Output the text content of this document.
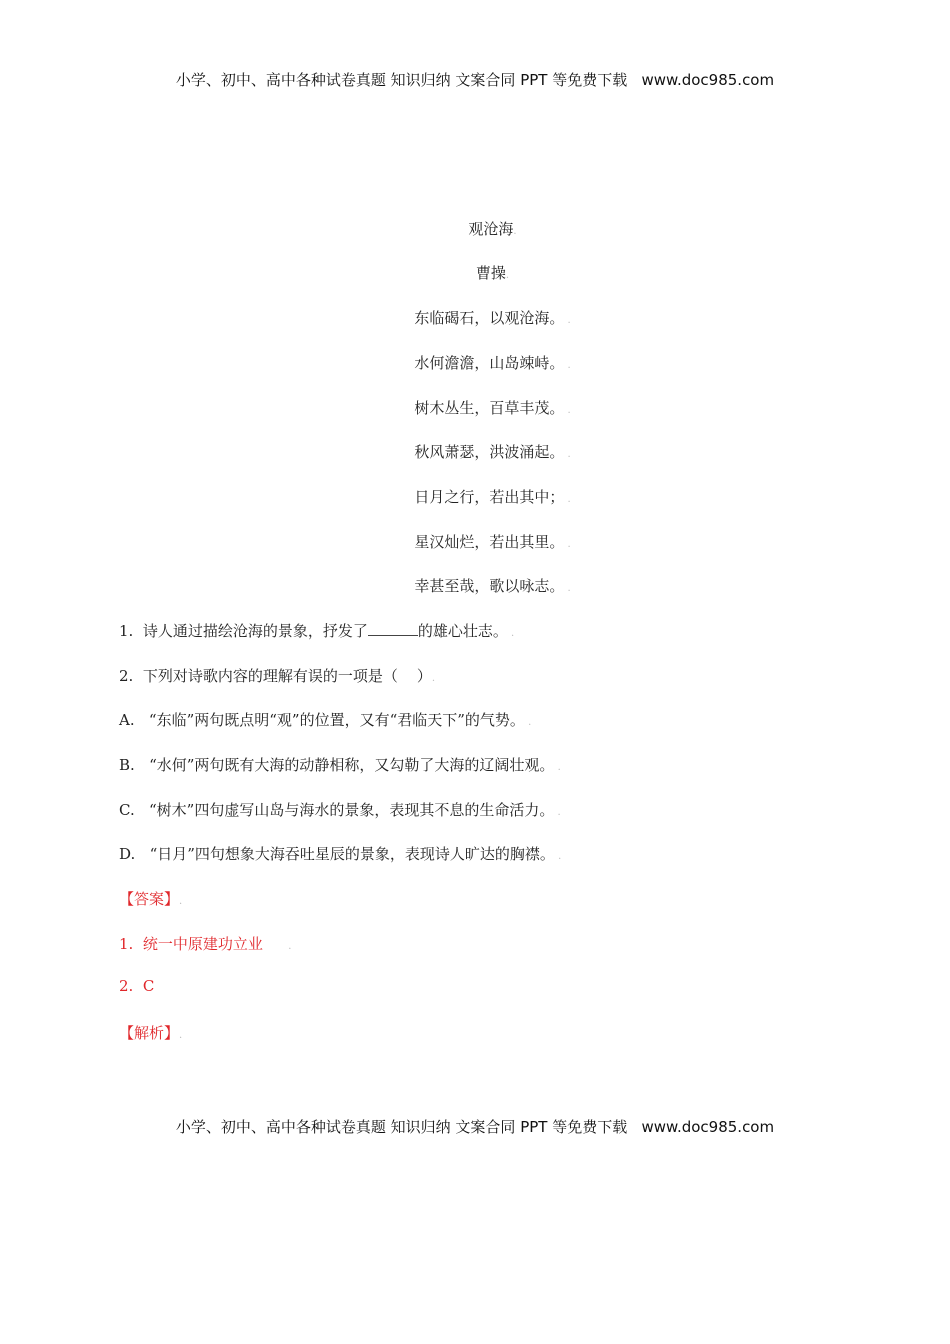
小学、初中、高中各种试卷真题 知识归纳 文案合同 PPT 等免费下载   www.doc985.com
观沧海.
曹操.
东临碣石，以观沧海。 .
水何澹澹，山岛竦峙。 .
树木丛生，百草丰茂。 .
秋风萧瑟，洪波涌起。 .
日月之行，若出其中； .
星汉灿烂，若出其里。 .
幸甚至哉，歌以咏志。 .
1.  诗人通过描绘沧海的景象，抒发了	的雄心壮志。 .
2.  下列对诗歌内容的理解有误的一项是（    ）.
A.   “东临”两句既点明“观”的位置，又有“君临天下”的气势。 .
B.   “水何”两句既有大海的动静相称，又勾勒了大海的辽阔壮观。 .
C.   “树木”四句虚写山岛与海水的景象，表现其不息的生命活力。 .
D.   “日月”四句想象大海吞吐星辰的景象，表现诗人旷达的胸襟。 .
【答案】.
1.  统一中原建功立业        .
2.  C
【解析】.
小学、初中、高中各种试卷真题 知识归纳 文案合同 PPT 等免费下载   www.doc985.com
